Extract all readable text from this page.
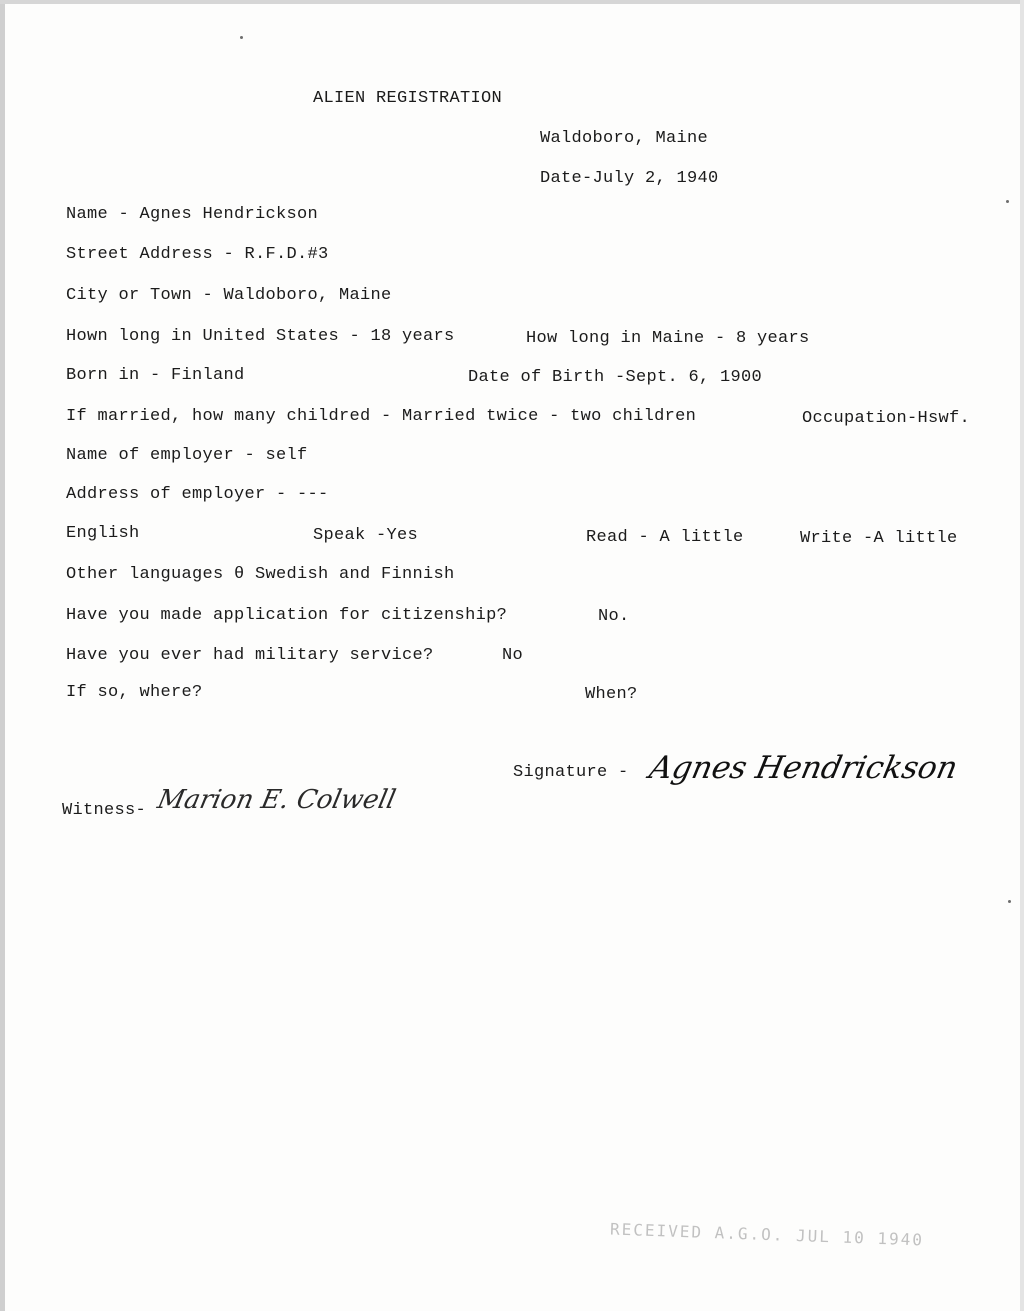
ALIEN REGISTRATION
Waldoboro, Maine
Date-July 2, 1940
Name - Agnes Hendrickson
Street Address - R.F.D.#3
City or Town - Waldoboro, Maine
Hown long in United States - 18 years	How long in Maine - 8 years
Born in - Finland	Date of Birth -Sept. 6, 1900
If married, how many childred - Married twice - two children	Occupation-Hswf.
Name of employer - self
Address of employer - ---
English	Speak -Yes	Read - A little	Write -A little
Other languages θ Swedish and Finnish
Have you made application for citizenship?	No.
Have you ever had military service?	No
If so, where?	When?
Signature - Agnes Hendrickson
Witness- Marion E. Colwell
RECEIVED A.G.O. JUL 10 1940
